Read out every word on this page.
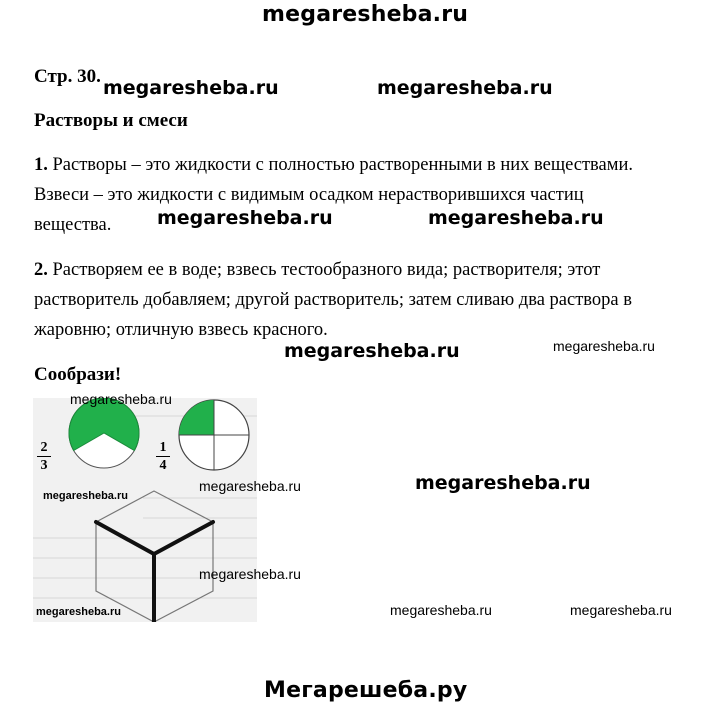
megaresheba.ru
Стр. 30.
megaresheba.ru	megaresheba.ru
Растворы и смеси
1. Растворы – это жидкости с полностью растворенными в них веществами.
Взвеси – это жидкости с видимым осадком нерастворившихся частиц
вещества. megaresheba.ru	megaresheba.ru
2. Растворяем ее в воде; взвесь тестообразного вида; растворителя; этот
растворитель добавляем; другой растворитель; затем сливаю два раствора в
жаровню; отличную взвесь красного.
megaresheba.ru	megaresheba.ru
Сообрази!
2
3
1
4
megaresheba.ru
megaresheba.ru
megaresheba.ru	megaresheba.ru
megaresheba.ru
megaresheba.ru	megaresheba.ru	megaresheba.ru
Мегарешеба.ру
